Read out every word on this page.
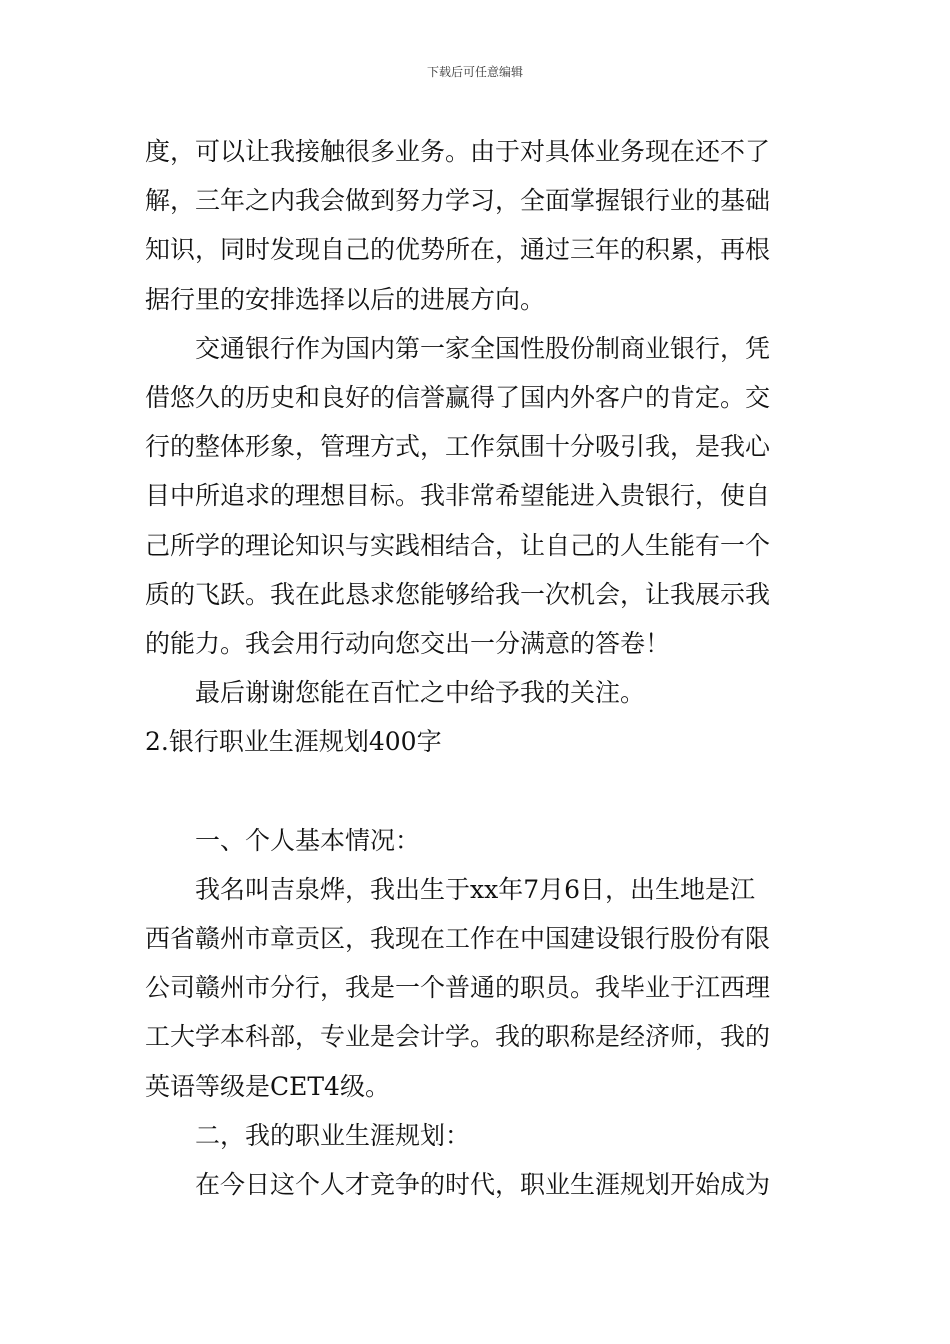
下载后可任意编辑
度，可以让我接触很多业务。由于对具体业务现在还不了
解，三年之内我会做到努力学习，全面掌握银行业的基础
知识，同时发现自己的优势所在，通过三年的积累，再根
据行里的安排选择以后的进展方向。
交通银行作为国内第一家全国性股份制商业银行，凭
借悠久的历史和良好的信誉赢得了国内外客户的肯定。交
行的整体形象，管理方式，工作氛围十分吸引我，是我心
目中所追求的理想目标。我非常希望能进入贵银行，使自
己所学的理论知识与实践相结合，让自己的人生能有一个
质的飞跃。我在此恳求您能够给我一次机会，让我展示我
的能力。我会用行动向您交出一分满意的答卷！
最后谢谢您能在百忙之中给予我的关注。
2.银行职业生涯规划400字
一、个人基本情况：
我名叫吉泉烨，我出生于xx年7月6日，出生地是江
西省赣州市章贡区，我现在工作在中国建设银行股份有限
公司赣州市分行，我是一个普通的职员。我毕业于江西理
工大学本科部，专业是会计学。我的职称是经济师，我的
英语等级是CET4级。
二，我的职业生涯规划：
在今日这个人才竞争的时代，职业生涯规划开始成为
